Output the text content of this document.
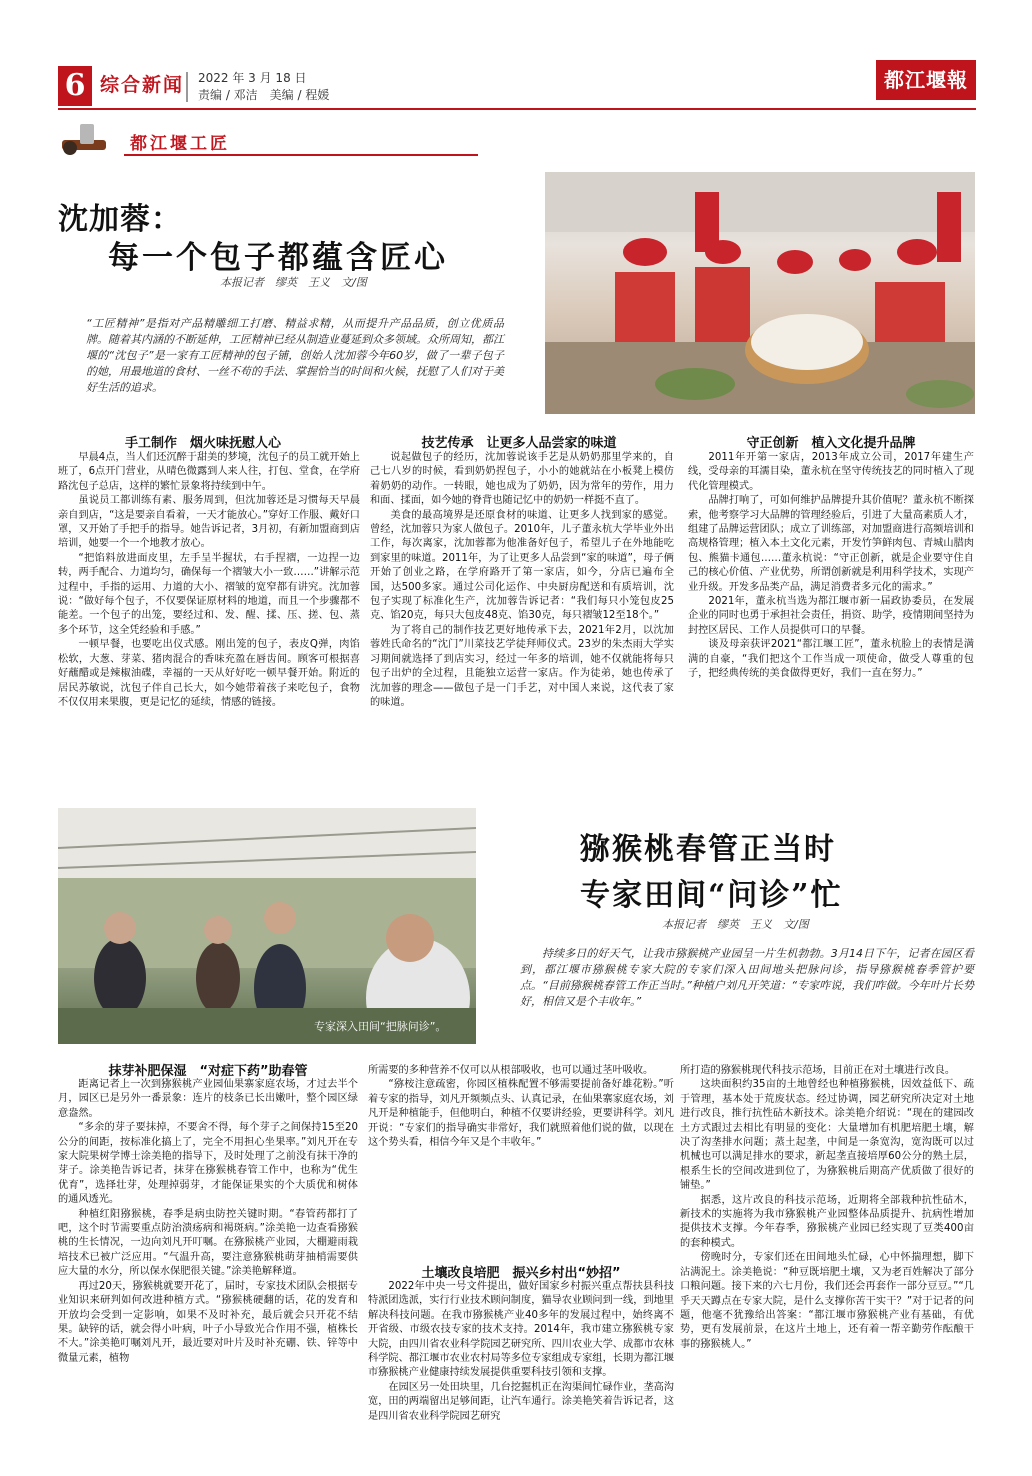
6 综合新闻 2022 年 3 月 18 日
责编 / 邓洁　美编 / 程媛
都江堰報
都江堰工匠
沈加蓉：
每一个包子都蕴含匠心
本报记者　缪英　王义　文/图
“工匠精神”是指对产品精雕细工打磨、精益求精，从而提升产品品质，创立优质品牌。随着其内涵的不断延伸，工匠精神已经从制造业蔓延到众多领域。众所周知，都江堰的“沈包子”是一家有工匠精神的包子铺，创始人沈加蓉今年60岁，做了一辈子包子的她，用最地道的食材、一丝不苟的手法、掌握恰当的时间和火候，抚慰了人们对于美好生活的追求。
手工制作　烟火味抚慰人心	技艺传承　让更多人品尝家的味道	守正创新　植入文化提升品牌

早晨4点，当人们还沉醉于甜美的梦境，沈包子的员工就开始上班了，6点开门营业，从晴色微露到人来人往，打包、堂食，在学府路沈包子总店，这样的繁忙景象将持续到中午。

虽说员工都训练有素、服务周到，但沈加蓉还是习惯每天早晨亲自到店，“这是要亲自看着，一天才能放心。”穿好工作服、戴好口罩，又开始了手把手的指导。她告诉记者，3月初，有新加盟商到店培训，她要一个一个地教才放心。

“把馅料放进面皮里，左手呈半握状，右手捏褶，一边捏一边转，两手配合、力道均匀，确保每一个褶皱大小一致……”讲解示范过程中，手指的运用、力道的大小、褶皱的宽窄都有讲究。沈加蓉说：“做好每个包子，不仅要保证原材料的地道，而且一个步骤都不能差。一个包子的出笼，要经过和、发、醒、揉、压、搓、包、蒸多个环节，这全凭经验和手感。”

一顿早餐，也要吃出仪式感。刚出笼的包子，表皮Q弹，肉馅松软，大葱、芽菜、猪肉混合的香味充盈在唇齿间。顾客可根据喜好蘸醋或是辣椒油碟，幸福的一天从好好吃一顿早餐开始。附近的居民苏敏说，沈包子伴自己长大，如今她带着孩子来吃包子，食物不仅仅用来果腹，更是记忆的延续，情感的链接。

说起做包子的经历，沈加蓉说该手艺是从奶奶那里学来的，自己七八岁的时候，看到奶奶捏包子，小小的她就站在小板凳上模仿着奶奶的动作。一转眼，她也成为了奶奶，因为常年的劳作，用力和面、揉面，如今她的脊背也随记忆中的奶奶一样挺不直了。

美食的最高境界是还原食材的味道、让更多人找到家的感觉。曾经，沈加蓉只为家人做包子。2010年，儿子董永杭大学毕业外出工作，每次离家，沈加蓉都为他准备好包子，希望儿子在外地能吃到家里的味道。2011年，为了让更多人品尝到“家的味道”，母子俩开始了创业之路，在学府路开了第一家店，如今，分店已遍布全国，达500多家。通过公司化运作、中央厨房配送和有质培训，沈包子实现了标准化生产，沈加蓉告诉记者：“我们每只小笼包皮25克、馅20克，每只大包皮48克、馅30克，每只褶皱12至18个。”

为了将自己的制作技艺更好地传承下去，2021年2月，以沈加蓉姓氏命名的“沈门”川菜技艺学徒拜师仪式。23岁的朱杰雨大学实习期间就选择了到店实习，经过一年多的培训，她不仅就能将每只包子出炉的全过程，且能独立运营一家店。作为徒弟，她也传承了沈加蓉的理念——做包子是一门手艺，对中国人来说，这代表了家的味道。

2011年开第一家店，2013年成立公司，2017年建生产线，受母亲的耳濡目染，董永杭在坚守传统技艺的同时植入了现代化管理模式。

品牌打响了，可如何维护品牌提升其价值呢？董永杭不断探索，他考察学习大品牌的管理经验后，引进了大量高素质人才，组建了品牌运营团队；成立了训练部，对加盟商进行高频培训和高规格管理；植入本土文化元素，开发竹笋鲜肉包、青城山腊肉包、熊猫卡通包……董永杭说：“守正创新，就是企业要守住自己的核心价值、产业优势，所谓创新就是利用科学技术，实现产业升级。开发多品类产品，满足消费者多元化的需求。”

2021年，董永杭当选为都江堰市新一届政协委员，在发展企业的同时也勇于承担社会责任，捐资、助学，疫情期间坚持为封控区居民、工作人员提供可口的早餐。

谈及母亲获评2021“都江堰工匠”，董永杭脸上的表情是满满的自豪，“我们把这个工作当成一项使命，做受人尊重的包子，把经典传统的美食做得更好，我们一直在努力。”

专家深入田间“把脉问诊”。
猕猴桃春管正当时
专家田间“问诊”忙
本报记者　缪英　王义　文/图
持续多日的好天气，让我市猕猴桃产业园呈一片生机勃勃。3月14日下午，记者在园区看到，都江堰市猕猴桃专家大院的专家们深入田间地头把脉问诊，指导猕猴桃春季管护要点。“目前猕猴桃春管工作正当时。”种植户刘凡开笑道：“专家咋说，我们咋做。今年叶片长势好，相信又是个丰收年。”
抹芽补肥保湿　“对症下药”助春管
土壤改良培肥　振兴乡村出“妙招”

距离记者上一次到猕猴桃产业园仙果寨家庭农场，才过去半个月，园区已是另外一番景象：连片的枝条已长出嫩叶，整个园区绿意盎然。

“多余的芽子要抹掉，不要舍不得，每个芽子之间保持15至20公分的间距，按标准化搞上了，完全不用担心坐果率。”刘凡开在专家大院果树学博士涂美艳的指导下，及时处理了之前没有抹干净的芽子。涂美艳告诉记者，抹芽在猕猴桃春管工作中，也称为“优生优育”，选择壮芽，处理掉弱芽，才能保证果实的个大质优和树体的通风透光。

种植红阳猕猴桃，春季是病虫防控关键时期。“春管药都打了吧，这个时节需要重点防治溃疡病和褐斑病。”涂美艳一边查看猕猴桃的生长情况，一边向刘凡开叮嘱。在猕猴桃产业园，大棚避雨栽培技术已被广泛应用。“气温升高，要注意猕猴桃萌芽抽梢需要供应大量的水分，所以保水保肥很关键。”涂美艳解释道。

再过20天，猕猴桃就要开花了，届时，专家技术团队会根据专业知识来研判如何改进种植方式。“猕猴桃硬翻的话，花的发育和开放均会受到一定影响，如果不及时补充，最后就会只开花不结果。缺锌的话，就会得小叶病，叶子小导致光合作用不强，植株长不大。”涂美艳叮嘱刘凡开，最近要对叶片及时补充硼、铁、锌等中微量元素，植物

所需要的多种营养不仅可以从根部吸收，也可以通过茎叶吸收。

“猕桉注意疏密，你园区植株配置不够需要提前备好雄花粉。”听着专家的指导，刘凡开频频点头、认真记录，在仙果寨家庭农场，刘凡开是种植能手，但他明白，种植不仅要讲经验，更要讲科学。刘凡开说：“专家们的指导确实非常好，我们就照着他们说的做，以现在这个势头看，相信今年又是个丰收年。”

2022年中央一号文件提出，做好国家乡村振兴重点帮扶县科技特派团选派，实行行业技术顾问制度，猫导农业顾问到一线，到地里解决科技问题。在我市猕猴桃产业40多年的发展过程中，始终离不开省级、市级农技专家的技术支持。2014年，我市建立猕猴桃专家大院，由四川省农业科学院园艺研究所、四川农业大学、成都市农林科学院、都江堰市农业农村局等多位专家组成专家组，长期为都江堰市猕猴桃产业健康持续发展提供重要科技引领和支撑。

在园区另一处田块里，几台挖掘机正在沟渠间忙碌作业，垄高沟宽，田的两端留出足够间距，让汽车通行。涂美艳笑着告诉记者，这是四川省农业科学院园艺研究

所打造的猕猴桃现代科技示范场，目前正在对土壤进行改良。

这块面积约35亩的土地曾经也种植猕猴桃，因效益低下、疏于管理，基本处于荒废状态。经过协调，园艺研究所决定对土地进行改良，推行抗性砧木新技术。涂美艳介绍说：“现在的建园改土方式跟过去相比有明显的变化：大量增加有机肥培肥土壤，解决了沟垄排水问题；蒸土起垄，中间是一条宽沟，宽沟既可以过机械也可以满足排水的要求，新起垄直接培厚60公分的熟土层，根系生长的空间改进到位了，为猕猴桃后期高产优质做了很好的铺垫。”

据悉，这片改良的科技示范场，近期将全部栽种抗性砧木，新技术的实施将为我市猕猴桃产业园整体品质提升、抗病性增加提供技术支撑。今年春季，猕猴桃产业园已经实现了豆类400亩的套种模式。

傍晚时分，专家们还在田间地头忙碌，心中怀揣理想，脚下沾满泥土。涂美艳说：“种豆既培肥土壤，又为老百姓解决了部分口粮问题。接下来的六七月份，我们还会再套作一部分豆豆。”“几乎天天蹲点在专家大院，是什么支撑你苦干实干？”对于记者的问题，他毫不犹豫给出答案：“都江堰市猕猴桃产业有基础，有优势，更有发展前景，在这片土地上，还有着一帮辛勤劳作酝酿干事的猕猴桃人。”
